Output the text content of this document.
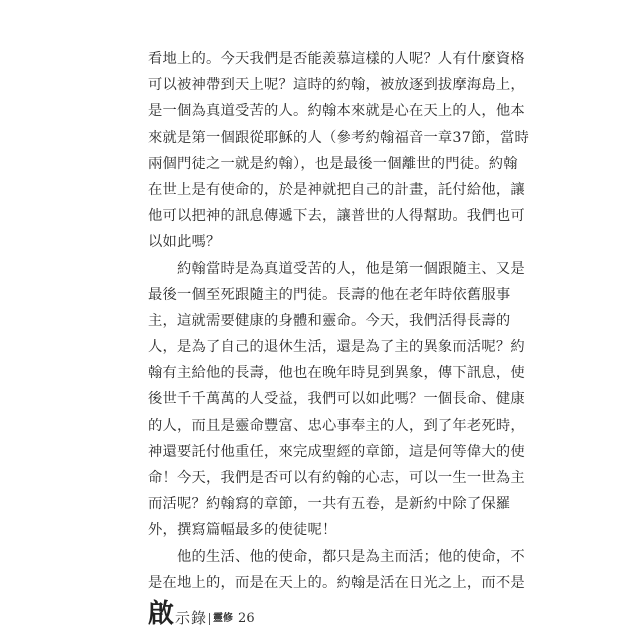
看地上的。今天我們是否能羨慕這樣的人呢？人有什麼資格
可以被神帶到天上呢？這時的約翰，被放逐到拔摩海島上，
是一個為真道受苦的人。約翰本來就是心在天上的人，他本
來就是第一個跟從耶穌的人（參考約翰福音一章37節，當時
兩個門徒之一就是約翰），也是最後一個離世的門徒。約翰
在世上是有使命的，於是神就把自己的計畫，託付給他，讓
他可以把神的訊息傳遞下去，讓普世的人得幫助。我們也可
以如此嗎？
約翰當時是為真道受苦的人，他是第一個跟隨主、又是
最後一個至死跟隨主的門徒。長壽的他在老年時依舊服事
主，這就需要健康的身體和靈命。今天，我們活得長壽的
人，是為了自己的退休生活，還是為了主的異象而活呢？約
翰有主給他的長壽，他也在晚年時見到異象，傳下訊息，使
後世千千萬萬的人受益，我們可以如此嗎？一個長命、健康
的人，而且是靈命豐富、忠心事奉主的人，到了年老死時，
神還要託付他重任，來完成聖經的章節，這是何等偉大的使
命！今天，我們是否可以有約翰的心志，可以一生一世為主
而活呢？約翰寫的章節，一共有五卷，是新約中除了保羅
外，撰寫篇幅最多的使徒呢！
他的生活、他的使命，都只是為主而活；他的使命，不
是在地上的，而是在天上的。約翰是活在日光之上，而不是
啟 示 錄 靈修 26
